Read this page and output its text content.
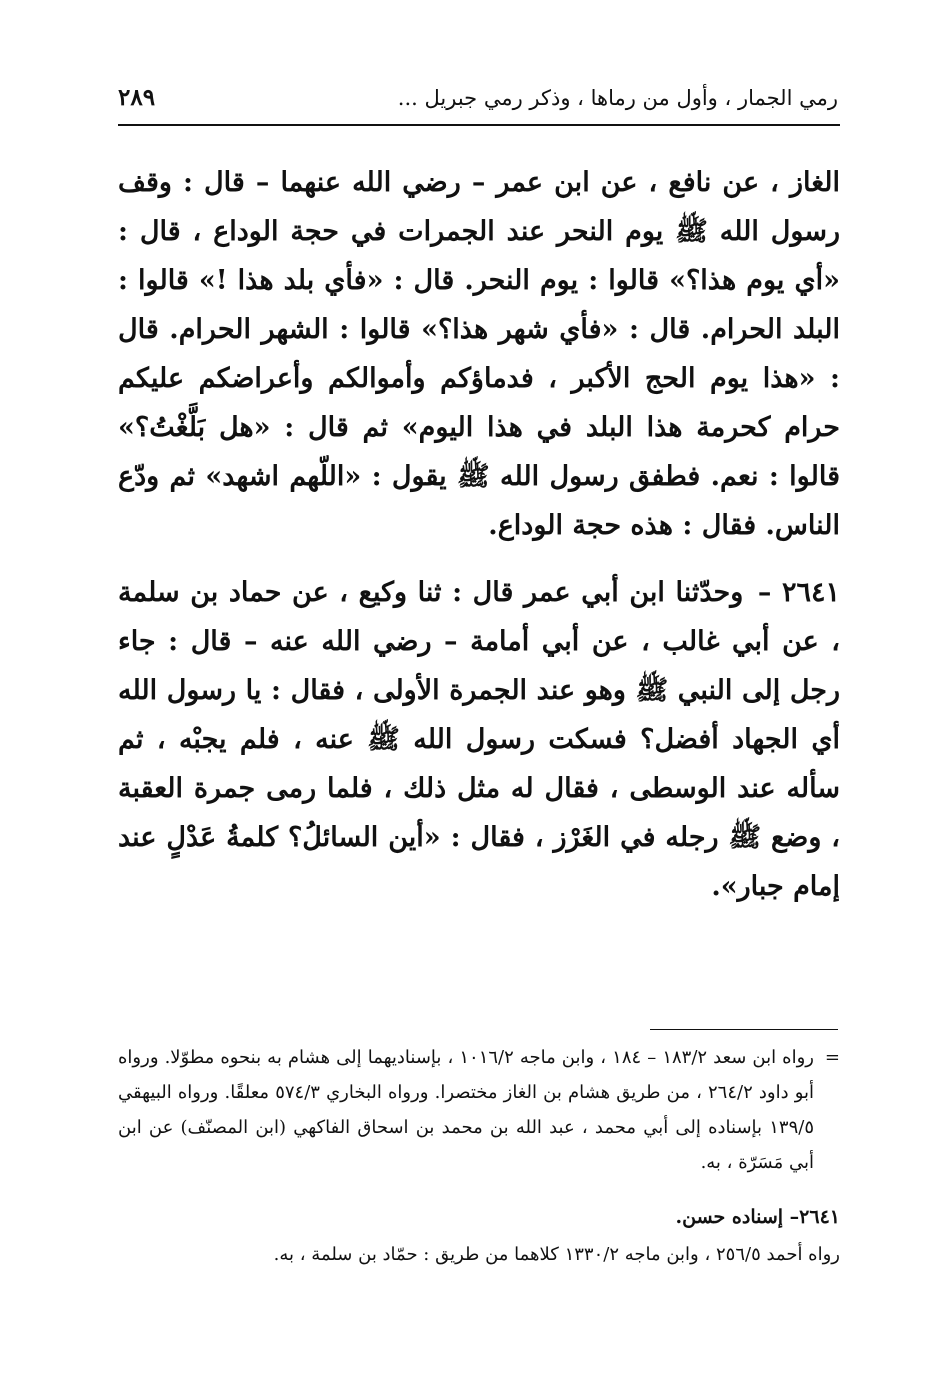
رمي الجمار ، وأول من رماها ، وذكر رمي جبريل ...
٢٨٩

الغاز ، عن نافع ، عن ابن عمر – رضي الله عنهما – قال : وقف رسول الله ﷺ يوم النحر عند الجمرات في حجة الوداع ، قال : «أي يوم هذا؟» قالوا : يوم النحر. قال : «فأي بلد هذا !» قالوا : البلد الحرام. قال : «فأي شهر هذا؟» قالوا : الشهر الحرام. قال : «هذا يوم الحج الأكبر ، فدماؤكم وأموالكم وأعراضكم عليكم حرام كحرمة هذا البلد في هذا اليوم» ثم قال : «هل بَلَّغْتُ؟» قالوا : نعم. فطفق رسول الله ﷺ يقول : «اللّهم اشهد» ثم ودّع الناس. فقال : هذه حجة الوداع.

٢٦٤١ – وحدّثنا ابن أبي عمر قال : ثنا وكيع ، عن حماد بن سلمة ، عن أبي غالب ، عن أبي أمامة – رضي الله عنه – قال : جاء رجل إلى النبي ﷺ وهو عند الجمرة الأولى ، فقال : يا رسول الله أي الجهاد أفضل؟ فسكت رسول الله ﷺ عنه ، فلم يجبْه ، ثم سأله عند الوسطى ، فقال له مثل ذلك ، فلما رمى جمرة العقبة ، وضع ﷺ رجله في الغَرْز ، فقال : «أين السائلُ؟ كلمةُ عَدْلٍ عند إمام جبار».

=
رواه ابن سعد ١٨٣/٢ – ١٨٤ ، وابن ماجه ١٠١٦/٢ ، بإسناديهما إلى هشام به بنحوه مطوّلا. ورواه أبو داود ٢٦٤/٢ ، من طريق هشام بن الغاز مختصرا. ورواه البخاري ٥٧٤/٣ معلقًا. ورواه البيهقي ١٣٩/٥ بإسناده إلى أبي محمد ، عبد الله بن محمد بن اسحاق الفاكهي (ابن المصنّف) عن ابن أبي مَسَرّة ، به.
٢٦٤١– إسناده حسن.
رواه أحمد ٢٥٦/٥ ، وابن ماجه ١٣٣٠/٢ كلاهما من طريق : حمّاد بن سلمة ، به.
